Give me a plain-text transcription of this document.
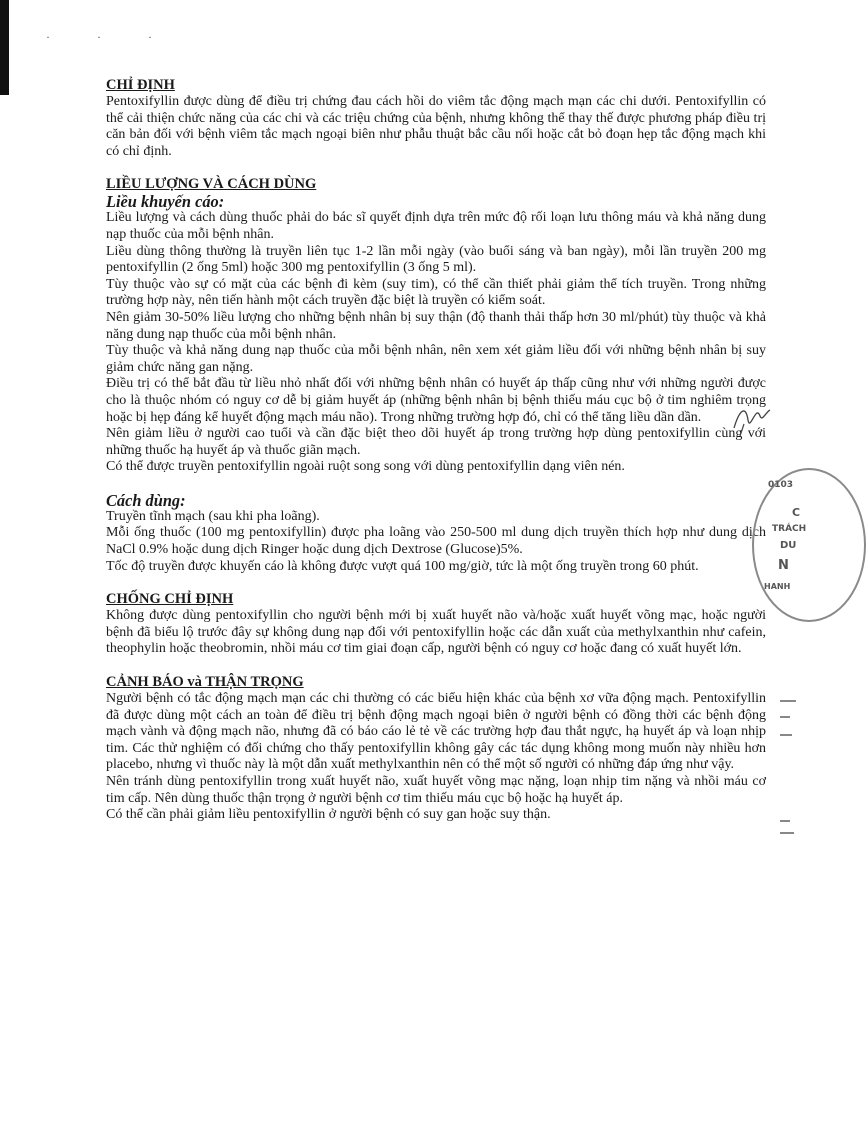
· · ·
CHỈ ĐỊNH

Pentoxifyllin được dùng để điều trị chứng đau cách hồi do viêm tắc động mạch mạn các chi dưới. Pentoxifyllin có thể cải thiện chức năng của các chi và các triệu chứng của bệnh, nhưng không thể thay thế được phương pháp điều trị căn bản đối với bệnh viêm tắc mạch ngoại biên như phẫu thuật bắc cầu nối hoặc cắt bỏ đoạn hẹp tắc động mạch khi có chỉ định.

LIỀU LƯỢNG VÀ CÁCH DÙNG
Liều khuyến cáo:

Liều lượng và cách dùng thuốc phải do bác sĩ quyết định dựa trên mức độ rối loạn lưu thông máu và khả năng dung nạp thuốc của mỗi bệnh nhân.

Liều dùng thông thường là truyền liên tục 1-2 lần mỗi ngày (vào buổi sáng và ban ngày), mỗi lần truyền 200 mg pentoxifyllin (2 ống 5ml) hoặc 300 mg pentoxifyllin (3 ống 5 ml).

Tùy thuộc vào sự có mặt của các bệnh đi kèm (suy tim), có thể cần thiết phải giảm thể tích truyền. Trong những trường hợp này, nên tiến hành một cách truyền đặc biệt là truyền có kiểm soát.

Nên giảm 30-50% liều lượng cho những bệnh nhân bị suy thận (độ thanh thải thấp hơn 30 ml/phút) tùy thuộc và khả năng dung nạp thuốc của mỗi bệnh nhân.

Tùy thuộc và khả năng dung nạp thuốc của mỗi bệnh nhân, nên xem xét giảm liều đối với những bệnh nhân bị suy giảm chức năng gan nặng.

Điều trị có thể bắt đầu từ liều nhỏ nhất đối với những bệnh nhân có huyết áp thấp cũng như với những người được cho là thuộc nhóm có nguy cơ dễ bị giảm huyết áp (những bệnh nhân bị bệnh thiếu máu cục bộ ở tim nghiêm trọng hoặc bị hẹp đáng kể huyết động mạch máu não). Trong những trường hợp đó, chỉ có thể tăng liều dần dần.

Nên giảm liều ở người cao tuổi và cần đặc biệt theo dõi huyết áp trong trường hợp dùng pentoxifyllin cùng với những thuốc hạ huyết áp và thuốc giãn mạch.

Có thể được truyền pentoxifyllin ngoài ruột song song với dùng pentoxifyllin dạng viên nén.

Cách dùng:

Truyền tĩnh mạch (sau khi pha loãng).

Mỗi ống thuốc (100 mg pentoxifyllin) được pha loãng vào 250-500 ml dung dịch truyền thích hợp như dung dịch NaCl 0.9% hoặc dung dịch Ringer hoặc dung dịch Dextrose (Glucose)5%.

Tốc độ truyền được khuyến cáo là không được vượt quá 100 mg/giờ, tức là một ống truyền trong 60 phút.

CHỐNG CHỈ ĐỊNH

Không được dùng pentoxifyllin cho người bệnh mới bị xuất huyết não và/hoặc xuất huyết võng mạc, hoặc người bệnh đã biểu lộ trước đây sự không dung nạp đối với pentoxifyllin hoặc các dẫn xuất của methylxanthin như cafein, theophylin hoặc theobromin, nhồi máu cơ tim giai đoạn cấp, người bệnh có nguy cơ hoặc đang có xuất huyết lớn.

CẢNH BÁO và THẬN TRỌNG

Người bệnh có tắc động mạch mạn các chi thường có các biểu hiện khác của bệnh xơ vữa động mạch. Pentoxifyllin đã được dùng một cách an toàn để điều trị bệnh động mạch ngoại biên ở người bệnh có đồng thời các bệnh động mạch vành và động mạch não, nhưng đã có báo cáo lẻ tẻ về các trường hợp đau thắt ngực, hạ huyết áp và loạn nhịp tim. Các thử nghiệm có đối chứng cho thấy pentoxifyllin không gây các tác dụng không mong muốn này nhiều hơn placebo, nhưng vì thuốc này là một dẫn xuất methylxanthin nên có thể một số người có những đáp ứng như vậy.

Nên tránh dùng pentoxifyllin trong xuất huyết não, xuất huyết võng mạc nặng, loạn nhịp tim nặng và nhồi máu cơ tim cấp. Nên dùng thuốc thận trọng ở người bệnh cơ tim thiếu máu cục bộ hoặc hạ huyết áp.

Có thể cần phải giảm liều pentoxifyllin ở người bệnh có suy gan hoặc suy thận.

0103
C
TRÁCH
DU
N
HANH
